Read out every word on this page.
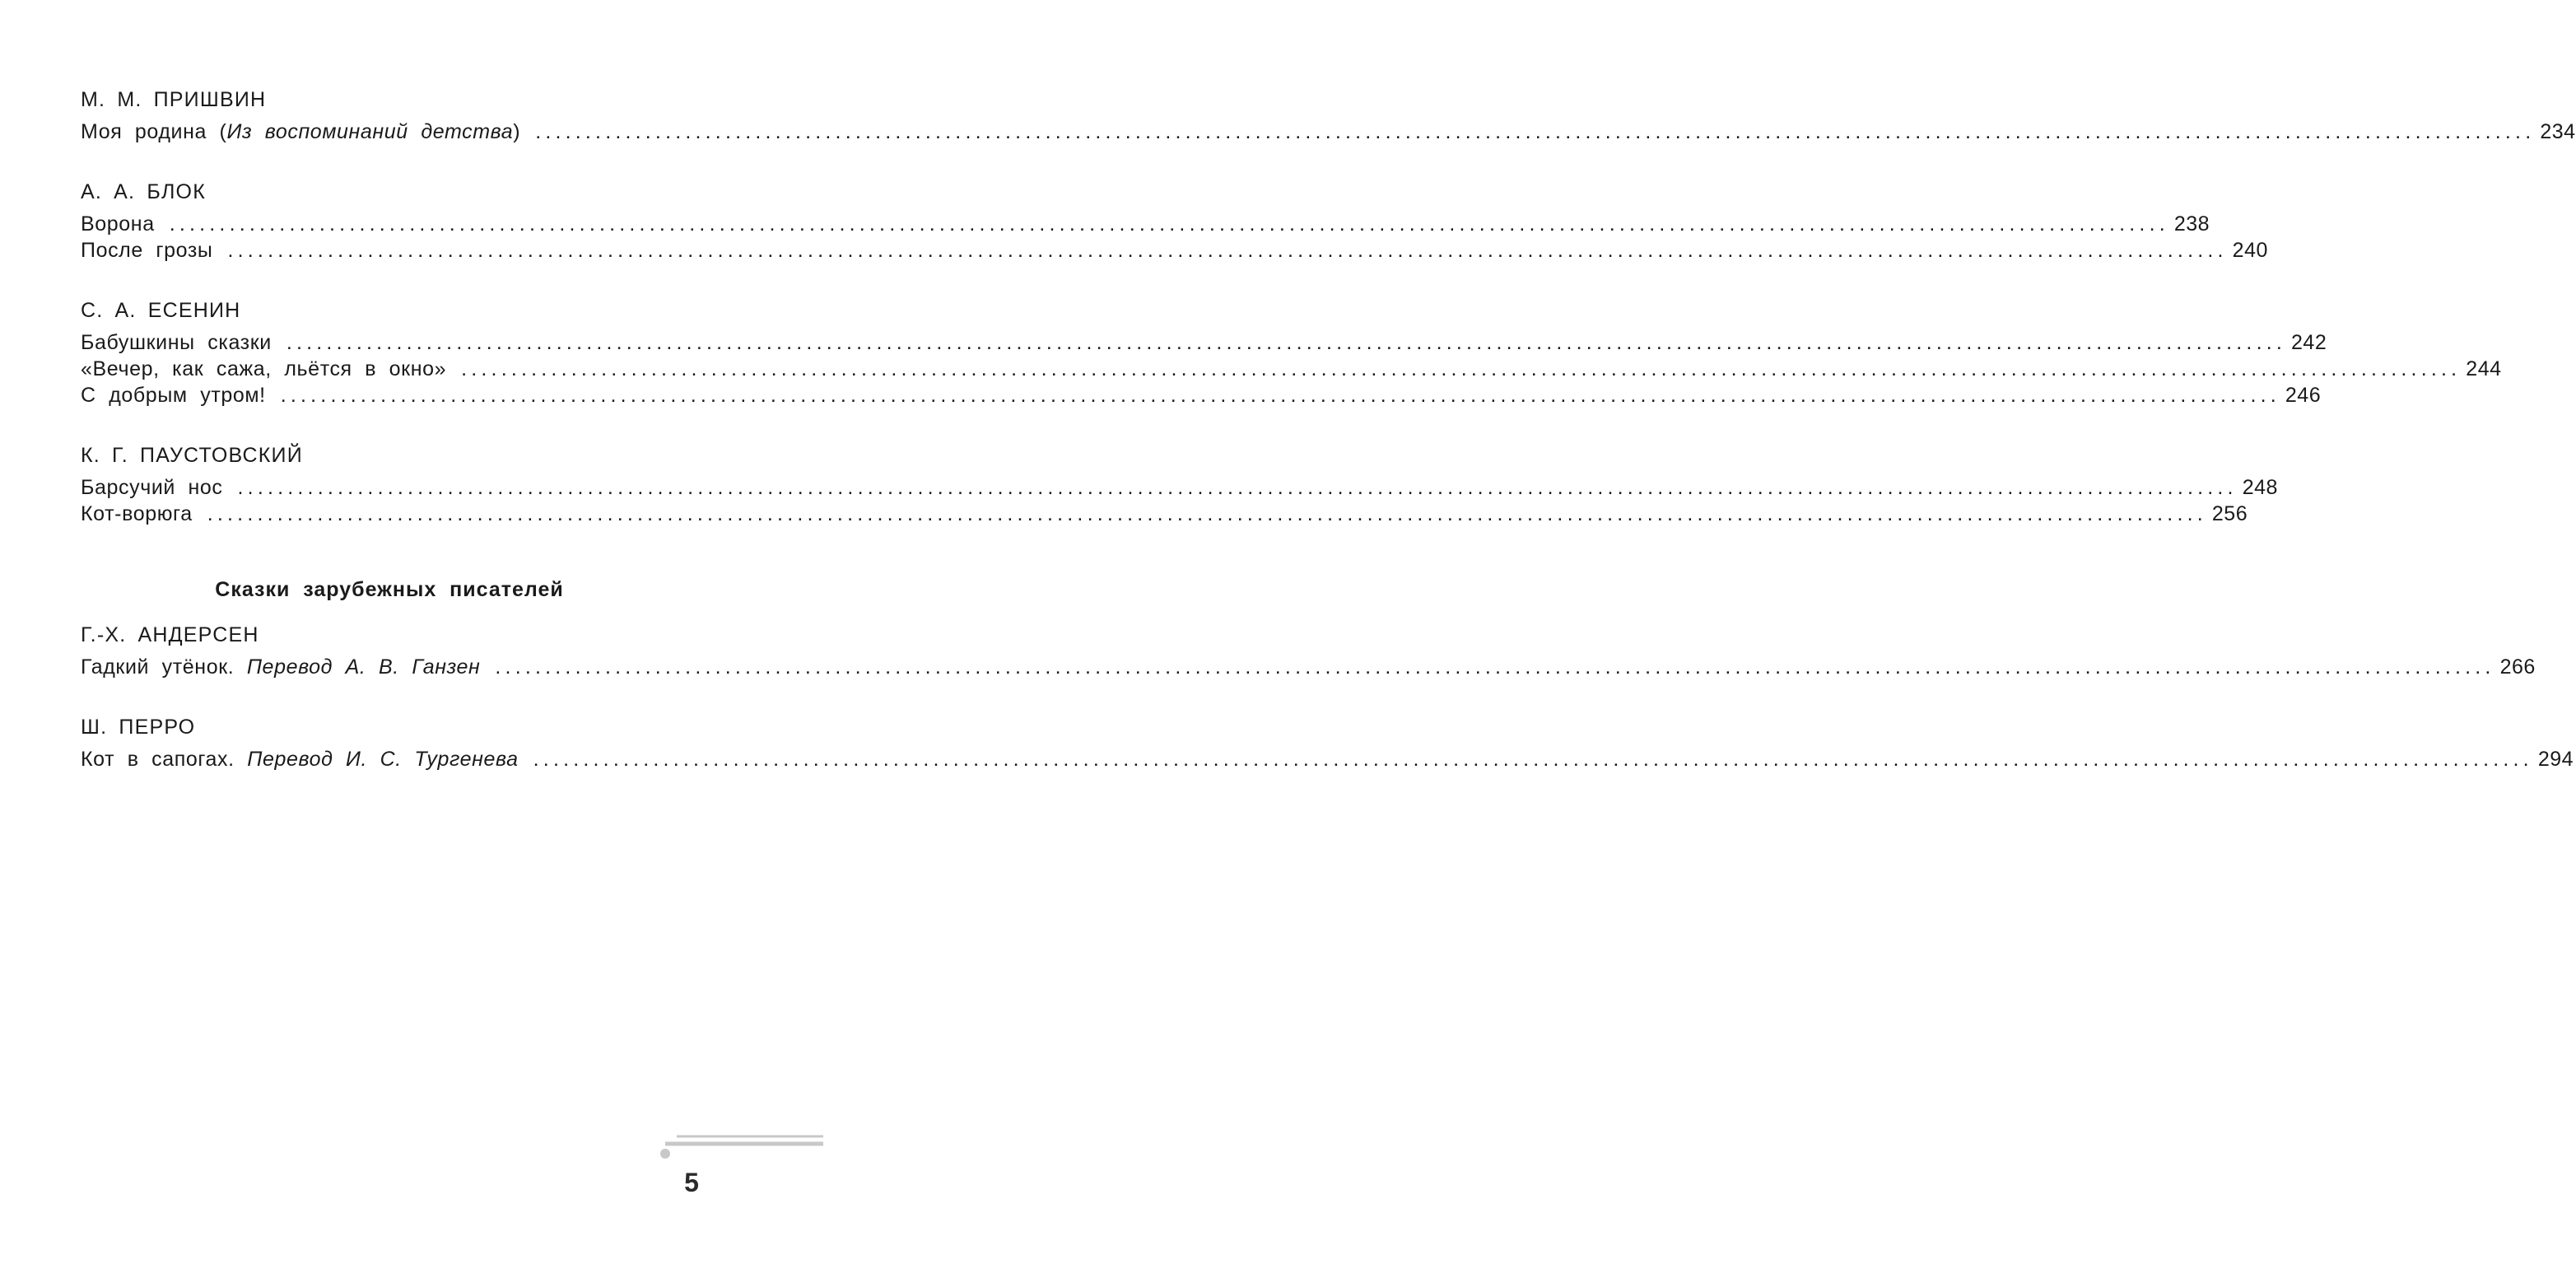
М. М. ПРИШВИН
Моя родина (Из воспоминаний детства) ........................................................................................................................................................................................................ 234
А. А. БЛОК
Ворона ........................................................................................................................................................................................................ 238
После грозы ........................................................................................................................................................................................................ 240
С. А. ЕСЕНИН
Бабушкины сказки ........................................................................................................................................................................................................ 242
«Вечер, как сажа, льётся в окно» ........................................................................................................................................................................................................ 244
С добрым утром! ........................................................................................................................................................................................................ 246
К. Г. ПАУСТОВСКИЙ
Барсучий нос ........................................................................................................................................................................................................ 248
Кот-ворюга ........................................................................................................................................................................................................ 256
Сказки зарубежных писателей
Г.-Х. АНДЕРСЕН
Гадкий утёнок. Перевод А. В. Ганзен ........................................................................................................................................................................................................ 266
Ш. ПЕРРО
Кот в сапогах. Перевод И. С. Тургенева ........................................................................................................................................................................................................ 294
5
